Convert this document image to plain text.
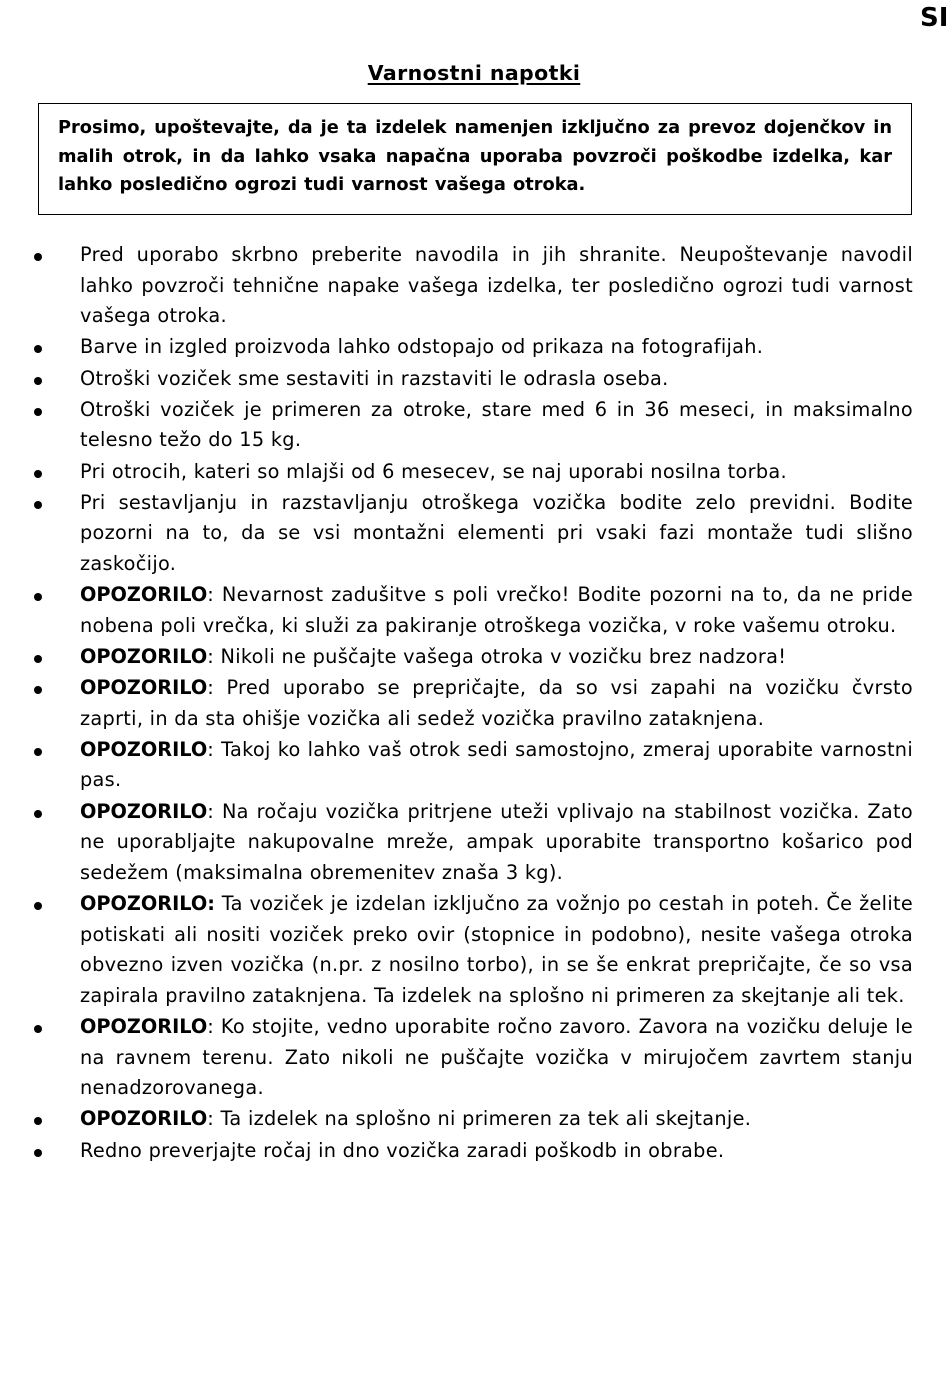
SI
Varnostni napotki

Prosimo, upoštevajte, da je ta izdelek namenjen izključno za prevoz dojenčkov in malih otrok, in da lahko vsaka napačna uporaba povzroči poškodbe izdelka, kar lahko posledično ogrozi tudi varnost vašega otroka.

Pred uporabo skrbno preberite navodila in jih shranite. Neupoštevanje navodil lahko povzroči tehnične napake vašega izdelka, ter posledično ogrozi tudi varnost vašega otroka.
Barve in izgled proizvoda lahko odstopajo od prikaza na fotografijah.
Otroški voziček sme sestaviti in razstaviti le odrasla oseba.
Otroški voziček je primeren za otroke, stare med 6 in 36 meseci, in maksimalno telesno težo do 15 kg.
Pri otrocih, kateri so mlajši od 6 mesecev, se naj uporabi nosilna torba.
Pri sestavljanju in razstavljanju otroškega vozička bodite zelo previdni. Bodite pozorni na to, da se vsi montažni elementi pri vsaki fazi montaže tudi slišno zaskočijo.
OPOZORILO: Nevarnost zadušitve s poli vrečko! Bodite pozorni na to, da ne pride nobena poli vrečka, ki služi za pakiranje otroškega vozička, v roke vašemu otroku.
OPOZORILO: Nikoli ne puščajte vašega otroka v vozičku brez nadzora!
OPOZORILO: Pred uporabo se prepričajte, da so vsi zapahi na vozičku čvrsto zaprti, in da sta ohišje vozička ali sedež vozička pravilno zataknjena.
OPOZORILO: Takoj ko lahko vaš otrok sedi samostojno, zmeraj uporabite varnostni pas.
OPOZORILO: Na ročaju vozička pritrjene uteži vplivajo na stabilnost vozička. Zato ne uporabljajte nakupovalne mreže, ampak uporabite transportno košarico pod sedežem (maksimalna obremenitev znaša 3 kg).
OPOZORILO: Ta voziček je izdelan izključno za vožnjo po cestah in poteh. Če želite potiskati ali nositi voziček preko ovir (stopnice in podobno), nesite vašega otroka obvezno izven vozička (n.pr. z nosilno torbo), in se še enkrat prepričajte, če so vsa zapirala pravilno zataknjena. Ta izdelek na splošno ni primeren za skejtanje ali tek.
OPOZORILO: Ko stojite, vedno uporabite ročno zavoro. Zavora na vozičku deluje le na ravnem terenu. Zato nikoli ne puščajte vozička v mirujočem zavrtem stanju nenadzorovanega.
OPOZORILO: Ta izdelek na splošno ni primeren za tek ali skejtanje.
Redno preverjajte ročaj in dno vozička zaradi poškodb in obrabe.
